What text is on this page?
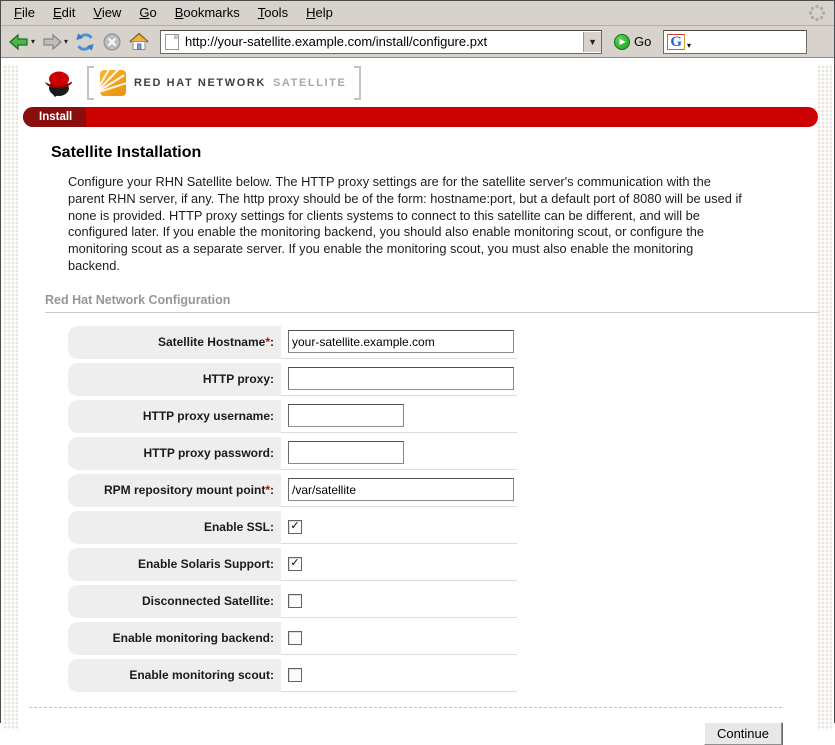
File	Edit	View	Go	Bookmarks	Tools	Help
▾	▾
http://your-satellite.example.com/install/configure.pxt	▼	▶ Go G ▾
RED HAT NETWORK SATELLITE
Install
Satellite Installation
Configure your RHN Satellite below. The HTTP proxy settings are for the satellite server's communication with the parent RHN server, if any. The http proxy should be of the form: hostname:port, but a default port of 8080 will be used if none is provided. HTTP proxy settings for clients systems to connect to this satellite can be different, and will be configured later. If you enable the monitoring backend, you should also enable monitoring scout, or configure the monitoring scout as a separate server. If you enable the monitoring scout, you must also enable the monitoring backend.
Red Hat Network Configuration
Satellite Hostname * :
your-satellite.example.com
HTTP proxy :
HTTP proxy username :
HTTP proxy password :
RPM repository mount point * :
/var/satellite
Enable SSL :
✓
Enable Solaris Support :
✓
Disconnected Satellite :
Enable monitoring backend :
Enable monitoring scout :
Continue
